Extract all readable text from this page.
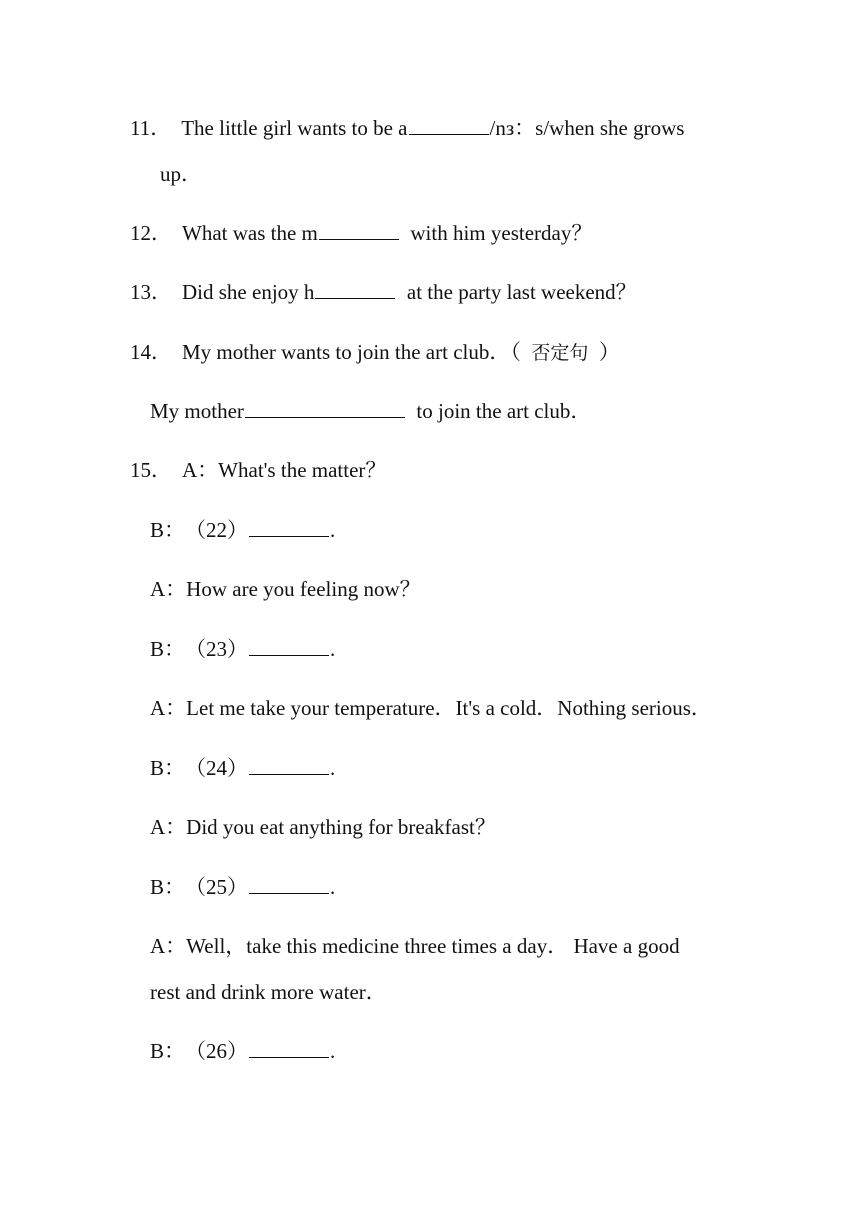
11． The little girl wants to be a	/nз：s/when she grows
up．
12． What was the m	with him yesterday？
13． Did she enjoy h	at the party last weekend？
14． My mother wants to join the art club．（ 否定句 ）
My mother	to join the art club．
15． A：What's the matter？
B：（22）	.
A：How are you feeling now？
B：（23）	.
A：Let me take your temperature．It's a cold．Nothing serious．
B：（24）	.
A：Did you eat anything for breakfast？
B：（25）	.
A：Well，take this medicine three times a day． Have a good
rest and drink more water．
B：（26）	.
